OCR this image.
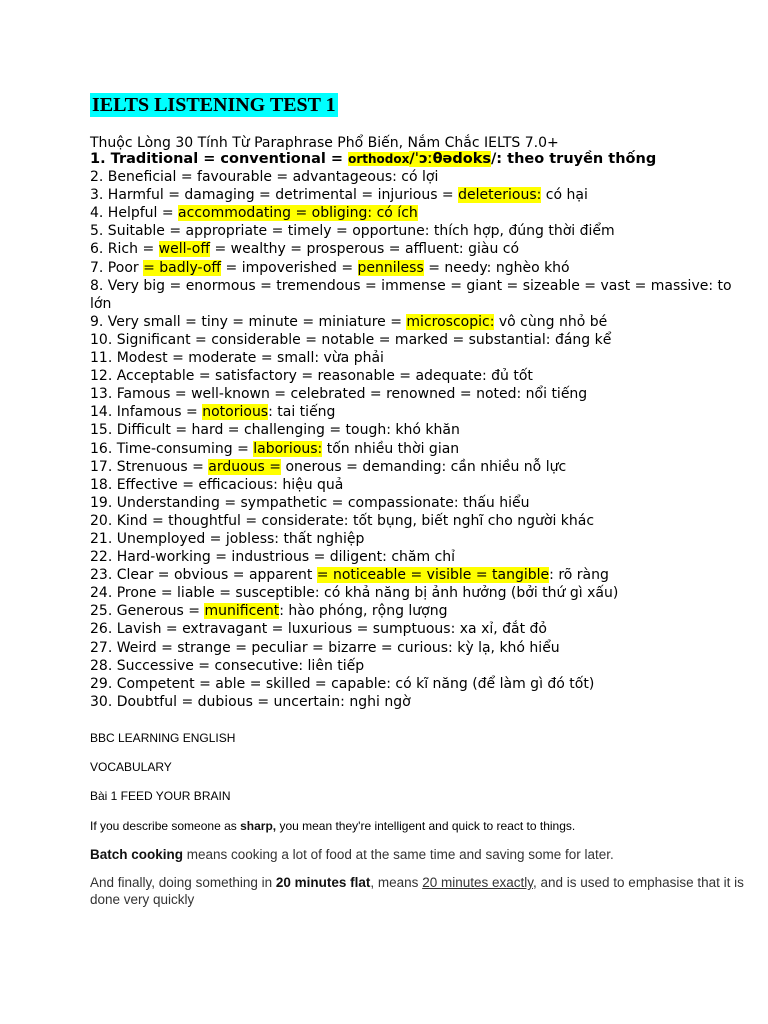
IELTS LISTENING TEST 1
Thuộc Lòng 30 Tính Từ Paraphrase Phổ Biến, Nắm Chắc IELTS 7.0+
1. Traditional = conventional = orthodox/ˈɔːθədoks/: theo truyền thống
2. Beneficial = favourable = advantageous: có lợi
3. Harmful = damaging = detrimental = injurious = deleterious: có hại
4. Helpful = accommodating = obliging: có ích
5. Suitable = appropriate = timely = opportune: thích hợp, đúng thời điểm
6. Rich = well-off = wealthy = prosperous = affluent: giàu có
7. Poor = badly-off = impoverished = penniless = needy: nghèo khó
8. Very big = enormous = tremendous = immense = giant = sizeable = vast = massive: to lớn
9. Very small = tiny = minute = miniature = microscopic: vô cùng nhỏ bé
10. Significant = considerable = notable = marked = substantial: đáng kể
11. Modest = moderate = small: vừa phải
12. Acceptable = satisfactory = reasonable = adequate: đủ tốt
13. Famous = well-known = celebrated = renowned = noted: nổi tiếng
14. Infamous = notorious: tai tiếng
15. Difficult = hard = challenging = tough: khó khăn
16. Time-consuming = laborious: tốn nhiều thời gian
17. Strenuous = arduous = onerous = demanding: cần nhiều nỗ lực
18. Effective = efficacious: hiệu quả
19. Understanding = sympathetic = compassionate: thấu hiểu
20. Kind = thoughtful = considerate: tốt bụng, biết nghĩ cho người khác
21. Unemployed = jobless: thất nghiệp
22. Hard-working = industrious = diligent: chăm chỉ
23. Clear = obvious = apparent = noticeable = visible = tangible: rõ ràng
24. Prone = liable = susceptible: có khả năng bị ảnh hưởng (bởi thứ gì xấu)
25. Generous = munificent: hào phóng, rộng lượng
26. Lavish = extravagant = luxurious = sumptuous: xa xỉ, đắt đỏ
27. Weird = strange = peculiar = bizarre = curious: kỳ lạ, khó hiểu
28. Successive = consecutive: liên tiếp
29. Competent = able = skilled = capable: có kĩ năng (để làm gì đó tốt)
30. Doubtful = dubious = uncertain: nghi ngờ
BBC LEARNING ENGLISH
VOCABULARY
Bài 1 FEED YOUR BRAIN
If you describe someone as sharp, you mean they're intelligent and quick to react to things.
Batch cooking means cooking a lot of food at the same time and saving some for later.
And finally, doing something in 20 minutes flat, means 20 minutes exactly, and is used to emphasise that it is done very quickly
